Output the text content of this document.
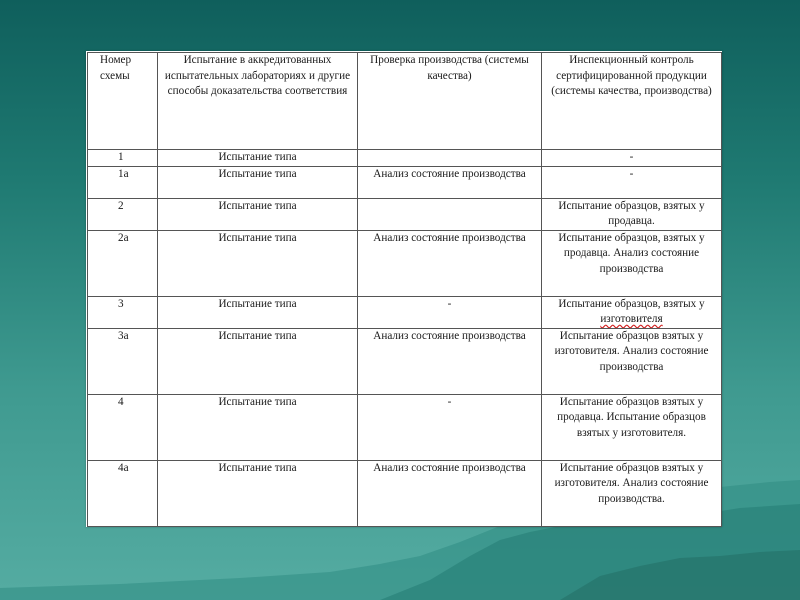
Номер схемы	Испытание в аккредитованных испытательных лабораториях и другие способы доказательства соответствия	Проверка производства (системы качества)	Инспекционный контроль сертифицированной продукции (системы качества, производства)
1	Испытание типа		-
1а	Испытание типа	Анализ состояние производства	-
2	Испытание типа		Испытание образцов, взятых у продавца.
2а	Испытание типа	Анализ состояние производства	Испытание образцов, взятых у продавца. Анализ состояние производства
3	Испытание типа	-	Испытание образцов, взятых у изготовителя
3а	Испытание типа	Анализ состояние производства	Испытание образцов взятых у изготовителя. Анализ состояние производства
4	Испытание типа	-	Испытание образцов взятых у продавца. Испытание образцов взятых у изготовителя.
4а	Испытание типа	Анализ состояние производства	Испытание образцов взятых у изготовителя. Анализ состояние производства.
